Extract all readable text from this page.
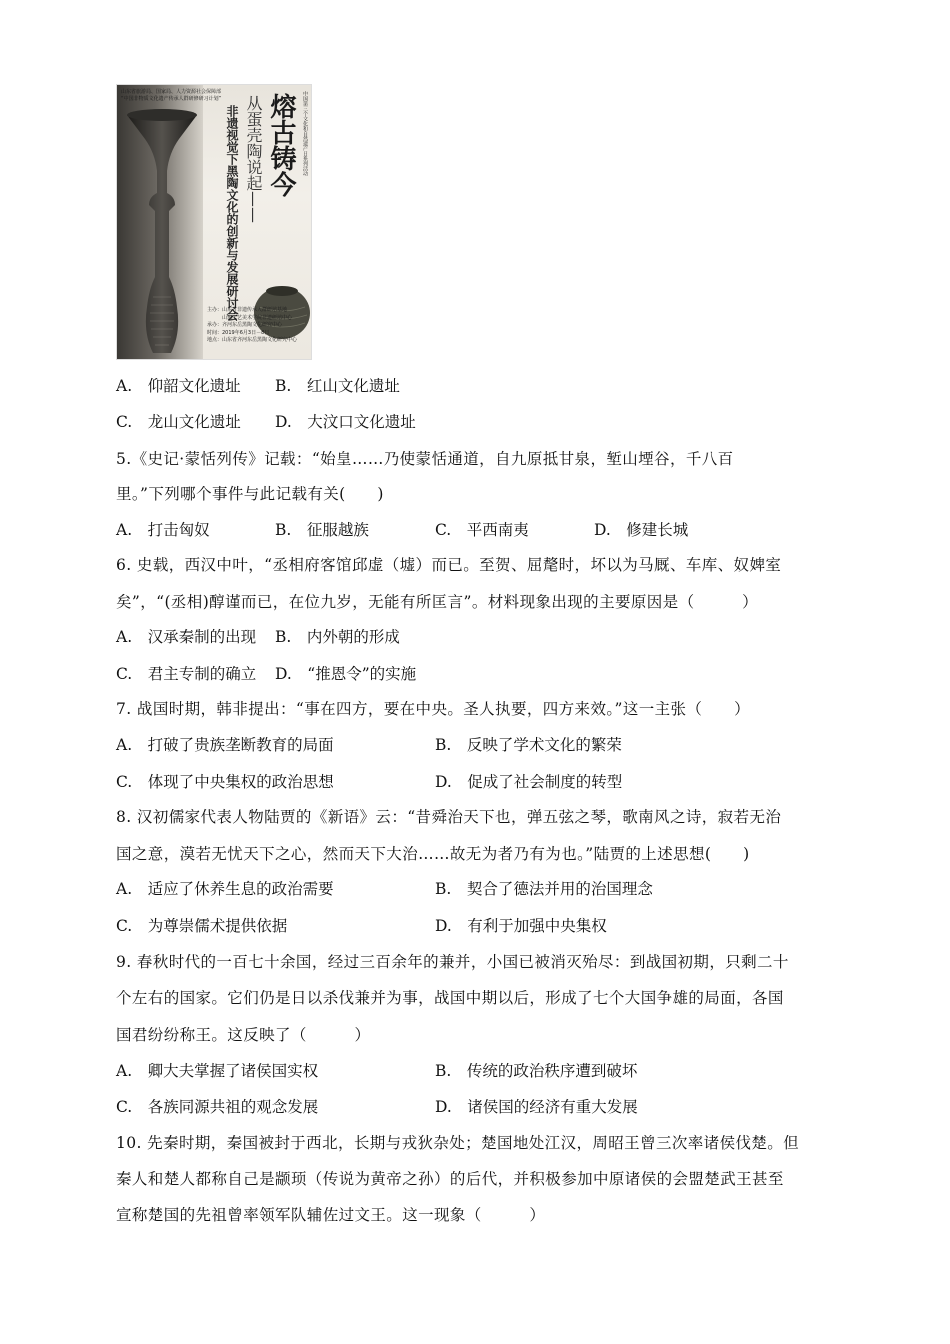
山东省旅游局、国家局、人力资源社会保障部
“中国非物质文化遗产传承人群研修研习计划”	中国第三个文化和自然遗产日系列活动
熔古铸今
从蛋壳陶说起——
非遗视觉下黑陶文化的创新与发展研讨会
主办：山东省非遗传承人群研培基地
　　　山东工艺美术学院非遗研培中心
承办：齐河东岳黑陶文化研究中心
时间：2019年6月3日－8日
地点：山东省齐河东岳黑陶文化研究中心
A.　仰韶文化遗址 B.　红山文化遗址
C.　龙山文化遗址 D.　大汶口文化遗址
5.《史记·蒙恬列传》记载：“始皇……乃使蒙恬通道，自九原抵甘泉，堑山堙谷，千八百
里。”下列哪个事件与此记载有关(　　)
A.　打击匈奴	B.　征服越族	C.　平西南夷	D.　修建长城
6. 史载，西汉中叶，“丞相府客馆邱虚（墟）而已。至贺、屈氂时，坏以为马厩、车库、奴婢室
矣”，“(丞相)醇谨而已，在位九岁，无能有所匡言”。材料现象出现的主要原因是（　　　）
A.　汉承秦制的出现 B.　内外朝的形成
C.　君主专制的确立 D.　“推恩令”的实施
7. 战国时期，韩非提出：“事在四方，要在中央。圣人执要，四方来效。”这一主张（　　）
A.　打破了贵族垄断教育的局面	B.　反映了学术文化的繁荣
C.　体现了中央集权的政治思想	D.　促成了社会制度的转型
8. 汉初儒家代表人物陆贾的《新语》云：“昔舜治天下也，弹五弦之琴，歌南风之诗，寂若无治
国之意，漠若无忧天下之心，然而天下大治……故无为者乃有为也。”陆贾的上述思想(　　)
A.　适应了休养生息的政治需要	B.　契合了德法并用的治国理念
C.　为尊崇儒术提供依据	D.　有利于加强中央集权
9. 春秋时代的一百七十余国，经过三百余年的兼并，小国已被消灭殆尽：到战国初期，只剩二十
个左右的国家。它们仍是日以杀伐兼并为事，战国中期以后，形成了七个大国争雄的局面，各国
国君纷纷称王。这反映了（　　　）
A.　卿大夫掌握了诸侯国实权	B.　传统的政治秩序遭到破坏
C.　各族同源共祖的观念发展	D.　诸侯国的经济有重大发展
10. 先秦时期，秦国被封于西北，长期与戎狄杂处；楚国地处江汉，周昭王曾三次率诸侯伐楚。但
秦人和楚人都称自己是颛顼（传说为黄帝之孙）的后代，并积极参加中原诸侯的会盟楚武王甚至
宣称楚国的先祖曾率领军队辅佐过文王。这一现象（　　　）
